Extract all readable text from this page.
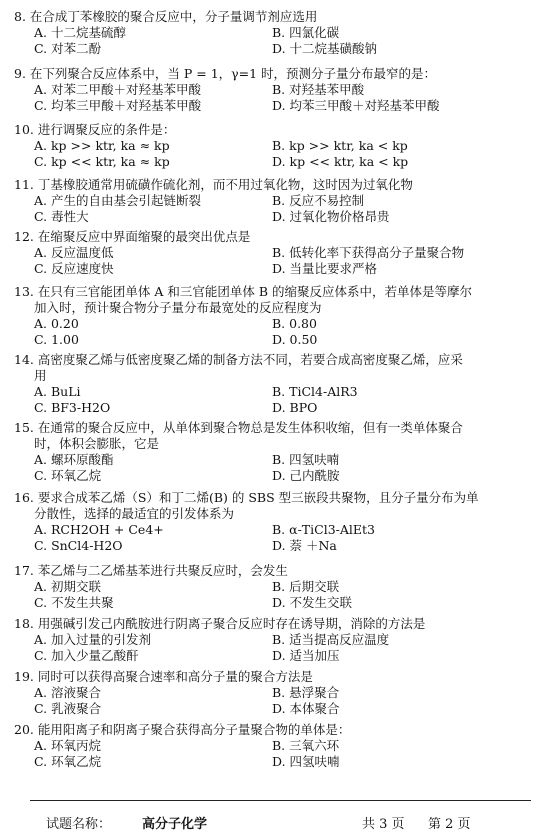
8. 在合成丁苯橡胶的聚合反应中，分子量调节剂应选用
A. 十二烷基硫醇	B. 四氯化碳
C. 对苯二酚	D. 十二烷基磺酸钠
9. 在下列聚合反应体系中，当 P = 1，γ=1 时，预测分子量分布最窄的是：
A. 对苯二甲酸＋对羟基苯甲酸	B. 对羟基苯甲酸
C. 均苯三甲酸＋对羟基苯甲酸	D. 均苯三甲酸＋对羟基苯甲酸
10. 进行调聚反应的条件是：
A. kp >> ktr, ka ≈ kp	B. kp >> ktr, ka < kp
C. kp << ktr, ka ≈ kp	D. kp << ktr, ka < kp
11. 丁基橡胶通常用硫磺作硫化剂，而不用过氧化物，这时因为过氧化物
A. 产生的自由基会引起链断裂	B. 反应不易控制
C. 毒性大	D. 过氧化物价格昂贵
12. 在缩聚反应中界面缩聚的最突出优点是
A. 反应温度低	B. 低转化率下获得高分子量聚合物
C. 反应速度快	D. 当量比要求严格
13. 在只有三官能团单体 A 和三官能团单体 B 的缩聚反应体系中，若单体是等摩尔
加入时，预计聚合物分子量分布最宽处的反应程度为
A. 0.20	B. 0.80
C. 1.00	D. 0.50
14. 高密度聚乙烯与低密度聚乙烯的制备方法不同，若要合成高密度聚乙烯，应采
用
A. BuLi	B. TiCl4-AlR3
C. BF3-H2O	D. BPO
15. 在通常的聚合反应中，从单体到聚合物总是发生体积收缩，但有一类单体聚合
时，体积会膨胀，它是
A. 螺环原酸酯	B. 四氢呋喃
C. 环氧乙烷	D. 己内酰胺
16. 要求合成苯乙烯（S）和丁二烯(B) 的 SBS 型三嵌段共聚物，且分子量分布为单
分散性，选择的最适宜的引发体系为
A. RCH2OH + Ce4+	B. α-TiCl3-AlEt3
C. SnCl4-H2O	D. 萘 ＋Na
17. 苯乙烯与二乙烯基苯进行共聚反应时，会发生
A. 初期交联	B. 后期交联
C. 不发生共聚	D. 不发生交联
18. 用强碱引发己内酰胺进行阴离子聚合反应时存在诱导期，消除的方法是
A. 加入过量的引发剂	B. 适当提高反应温度
C. 加入少量乙酸酐	D. 适当加压
19. 同时可以获得高聚合速率和高分子量的聚合方法是
A. 溶液聚合	B. 悬浮聚合
C. 乳液聚合	D. 本体聚合
20. 能用阳离子和阴离子聚合获得高分子量聚合物的单体是：
A. 环氧丙烷	B. 三氧六环
C. 环氧乙烷	D. 四氢呋喃
试题名称： 高分子化学	共 3 页 第 2 页
